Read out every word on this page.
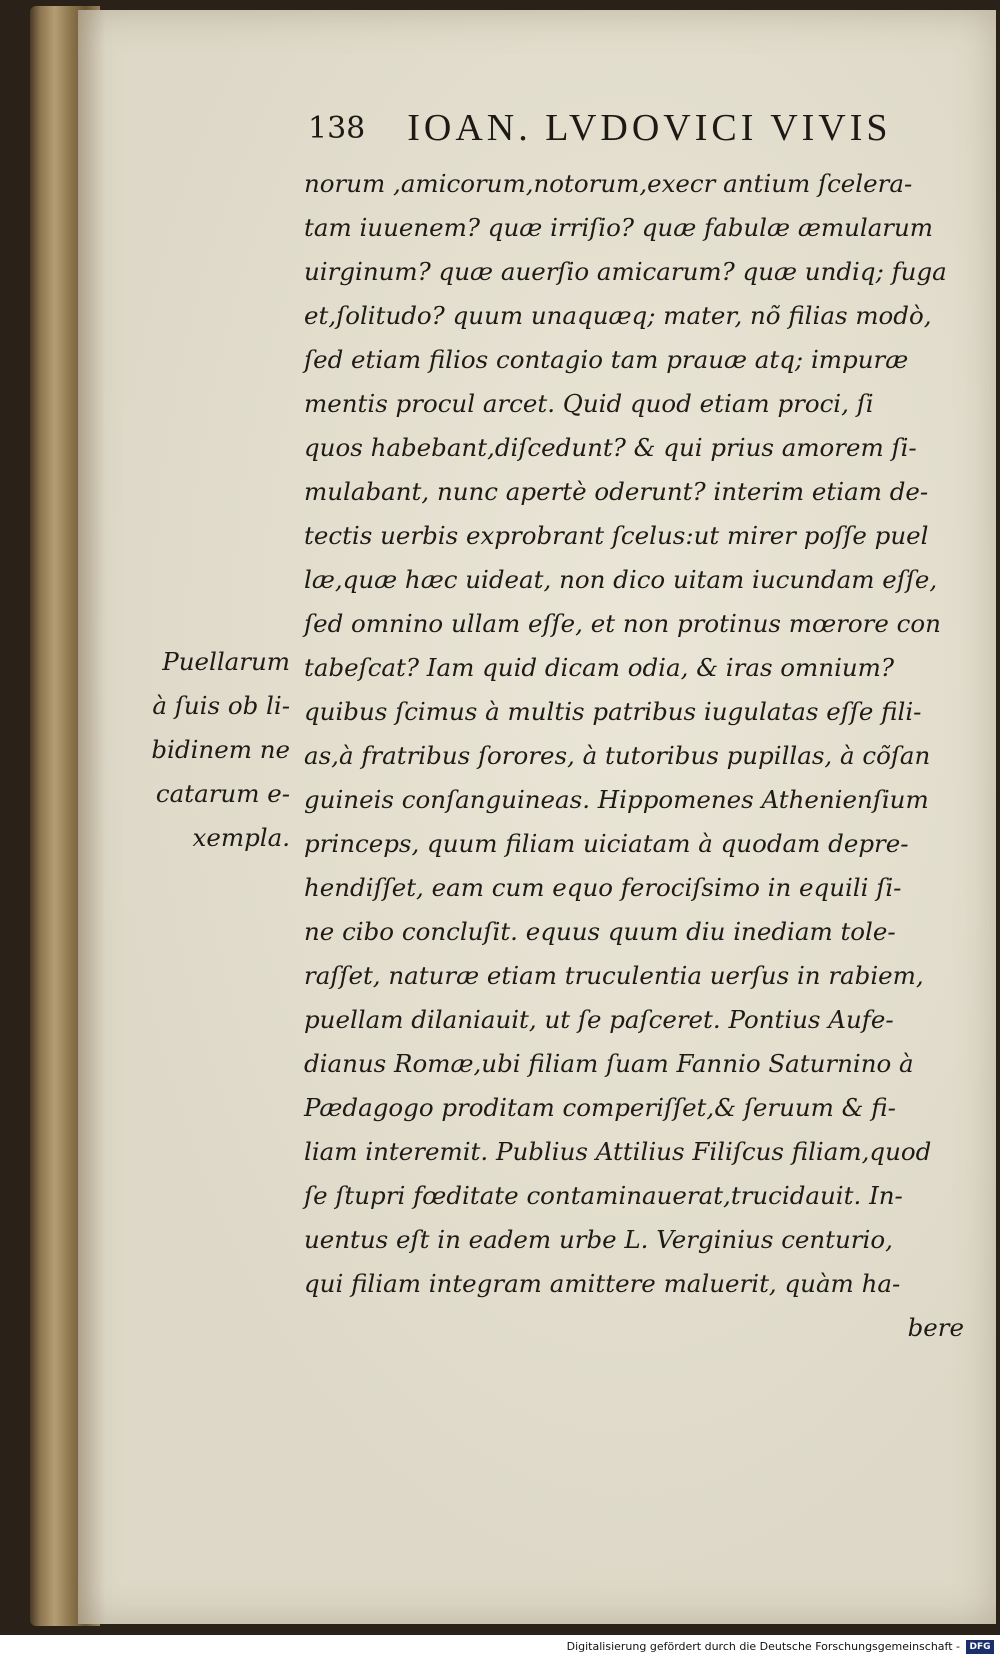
138 IOAN. LVDOVICI VIVIS
norum ,amicorum,notorum,execr antium ſcelera-
tam iuuenem? quæ irriſio? quæ fabulæ æmularum
uirginum? quæ auerſio amicarum? quæ undiq; fuga
et,ſolitudo? quum unaquæq; mater, nõ filias modò,
ſed etiam filios contagio tam prauæ atq; impuræ
mentis procul arcet. Quid quod etiam proci, ſi
quos habebant,diſcedunt? & qui prius amorem ſi-
mulabant, nunc apertè oderunt? interim etiam de-
tectis uerbis exprobrant ſcelus:ut mirer poſſe puel
læ,quæ hæc uideat, non dico uitam iucundam eſſe,
ſed omnino ullam eſſe, et non protinus mœrore con
tabeſcat? Iam quid dicam odia, & iras omnium?
quibus ſcimus à multis patribus iugulatas eſſe fili-
as,à fratribus ſorores, à tutoribus pupillas, à cõſan
guineis conſanguineas. Hippomenes Athenienſium
princeps, quum filiam uiciatam à quodam depre-
hendiſſet, eam cum equo ferociſsimo in equili ſi-
ne cibo concluſit. equus quum diu inediam tole-
raſſet, naturæ etiam truculentia uerſus in rabiem,
puellam dilaniauit, ut ſe paſceret. Pontius Aufe-
dianus Romæ,ubi filiam ſuam Fannio Saturnino à
Pædagogo proditam comperiſſet,& ſeruum & fi-
liam interemit. Publius Attilius Filiſcus filiam,quod
ſe ſtupri fœditate contaminauerat,trucidauit. In-
uentus eſt in eadem urbe L. Verginius centurio,
qui filiam integram amittere maluerit, quàm ha-
bere
Puellarum
à ſuis ob li-
bidinem ne
catarum e-
xempla.
Digitalisierung gefördert durch die Deutsche Forschungsgemeinschaft -	DFG
